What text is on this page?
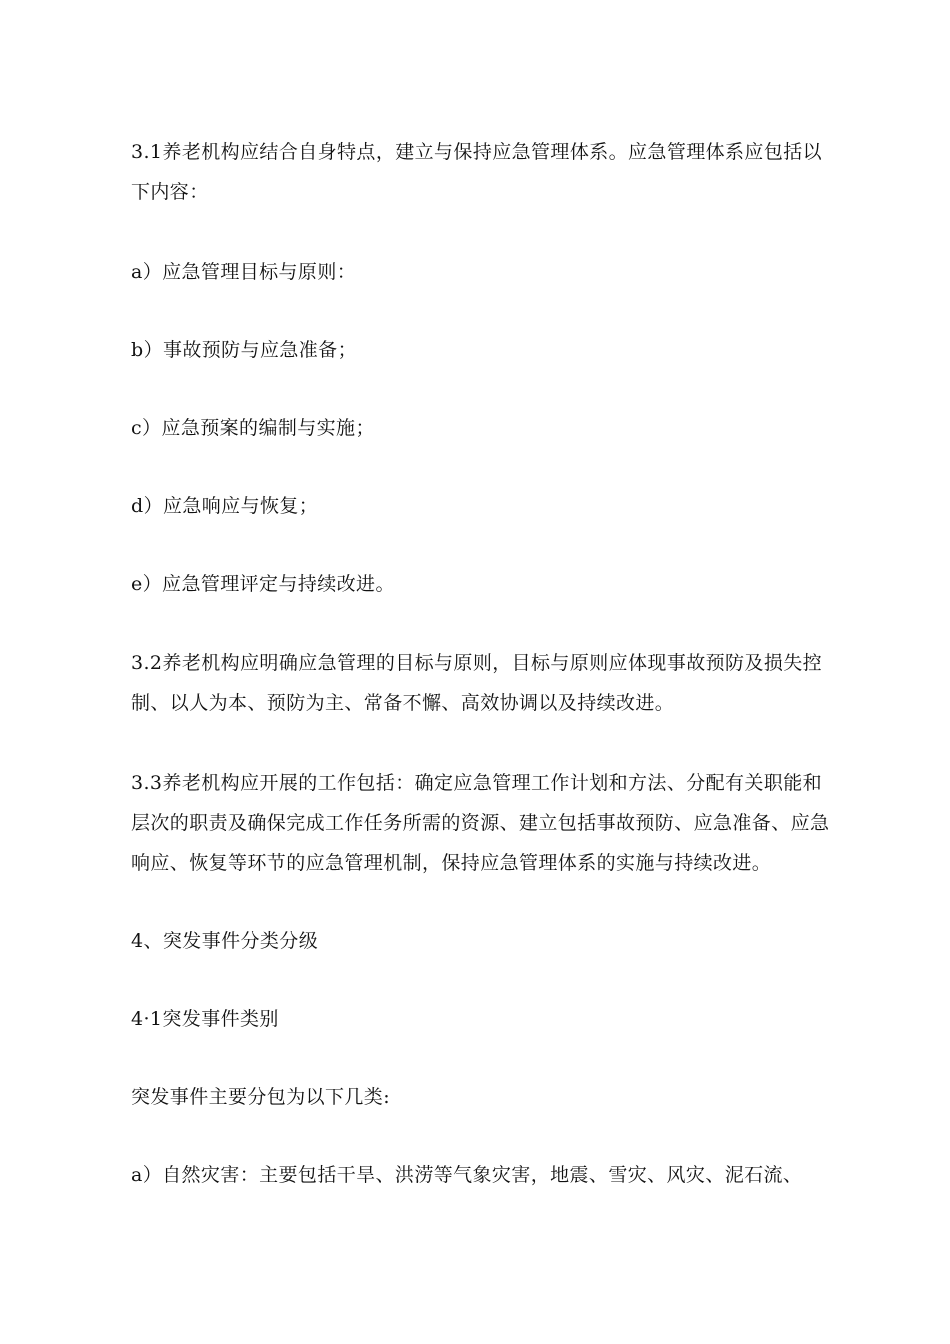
3.1养老机构应结合自身特点，建立与保持应急管理体系。应急管理体系应包括以下内容：

a）应急管理目标与原则：

b）事故预防与应急准备；

c）应急预案的编制与实施；

d）应急响应与恢复；

e）应急管理评定与持续改进。

3.2养老机构应明确应急管理的目标与原则，目标与原则应体现事故预防及损失控制、以人为本、预防为主、常备不懈、高效协调以及持续改进。

3.3养老机构应开展的工作包括：确定应急管理工作计划和方法、分配有关职能和层次的职责及确保完成工作任务所需的资源、建立包括事故预防、应急准备、应急响应、恢复等环节的应急管理机制，保持应急管理体系的实施与持续改进。

4、突发事件分类分级

4·1突发事件类别

突发事件主要分包为以下几类:

a）自然灾害：主要包括干旱、洪涝等气象灾害，地震、雪灾、风灾、泥石流、
